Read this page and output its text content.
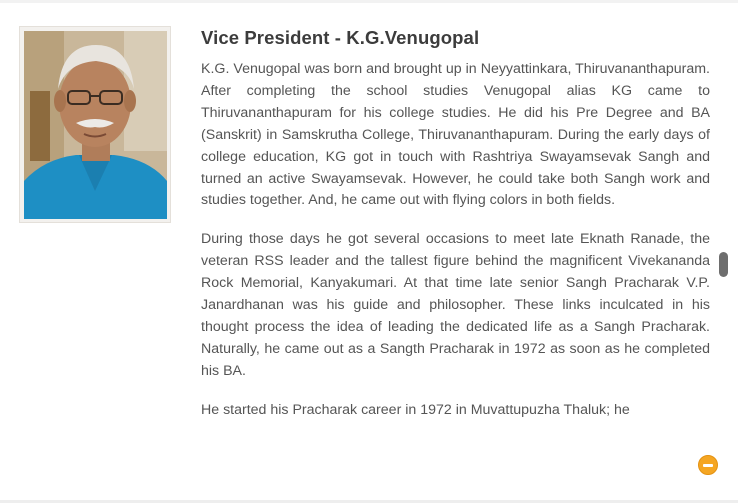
Vice President - K.G.Venugopal

K.G. Venugopal was born and brought up in Neyyattinkara, Thiruvananthapuram. After completing the school studies Venugopal alias KG came to Thiruvananthapuram for his college studies. He did his Pre Degree and BA (Sanskrit) in Samskrutha College, Thiruvananthapuram. During the early days of college education, KG got in touch with Rashtriya Swayamsevak Sangh and turned an active Swayamsevak. However, he could take both Sangh work and studies together. And, he came out with flying colors in both fields.

During those days he got several occasions to meet late Eknath Ranade, the veteran RSS leader and the tallest figure behind the magnificent Vivekananda Rock Memorial, Kanyakumari. At that time late senior Sangh Pracharak V.P. Janardhanan was his guide and philosopher. These links inculcated in his thought process the idea of leading the dedicated life as a Sangh Pracharak. Naturally, he came out as a Sangth Pracharak in 1972 as soon as he completed his BA.

He started his Pracharak career in 1972 in Muvattupuzha Thaluk; he
